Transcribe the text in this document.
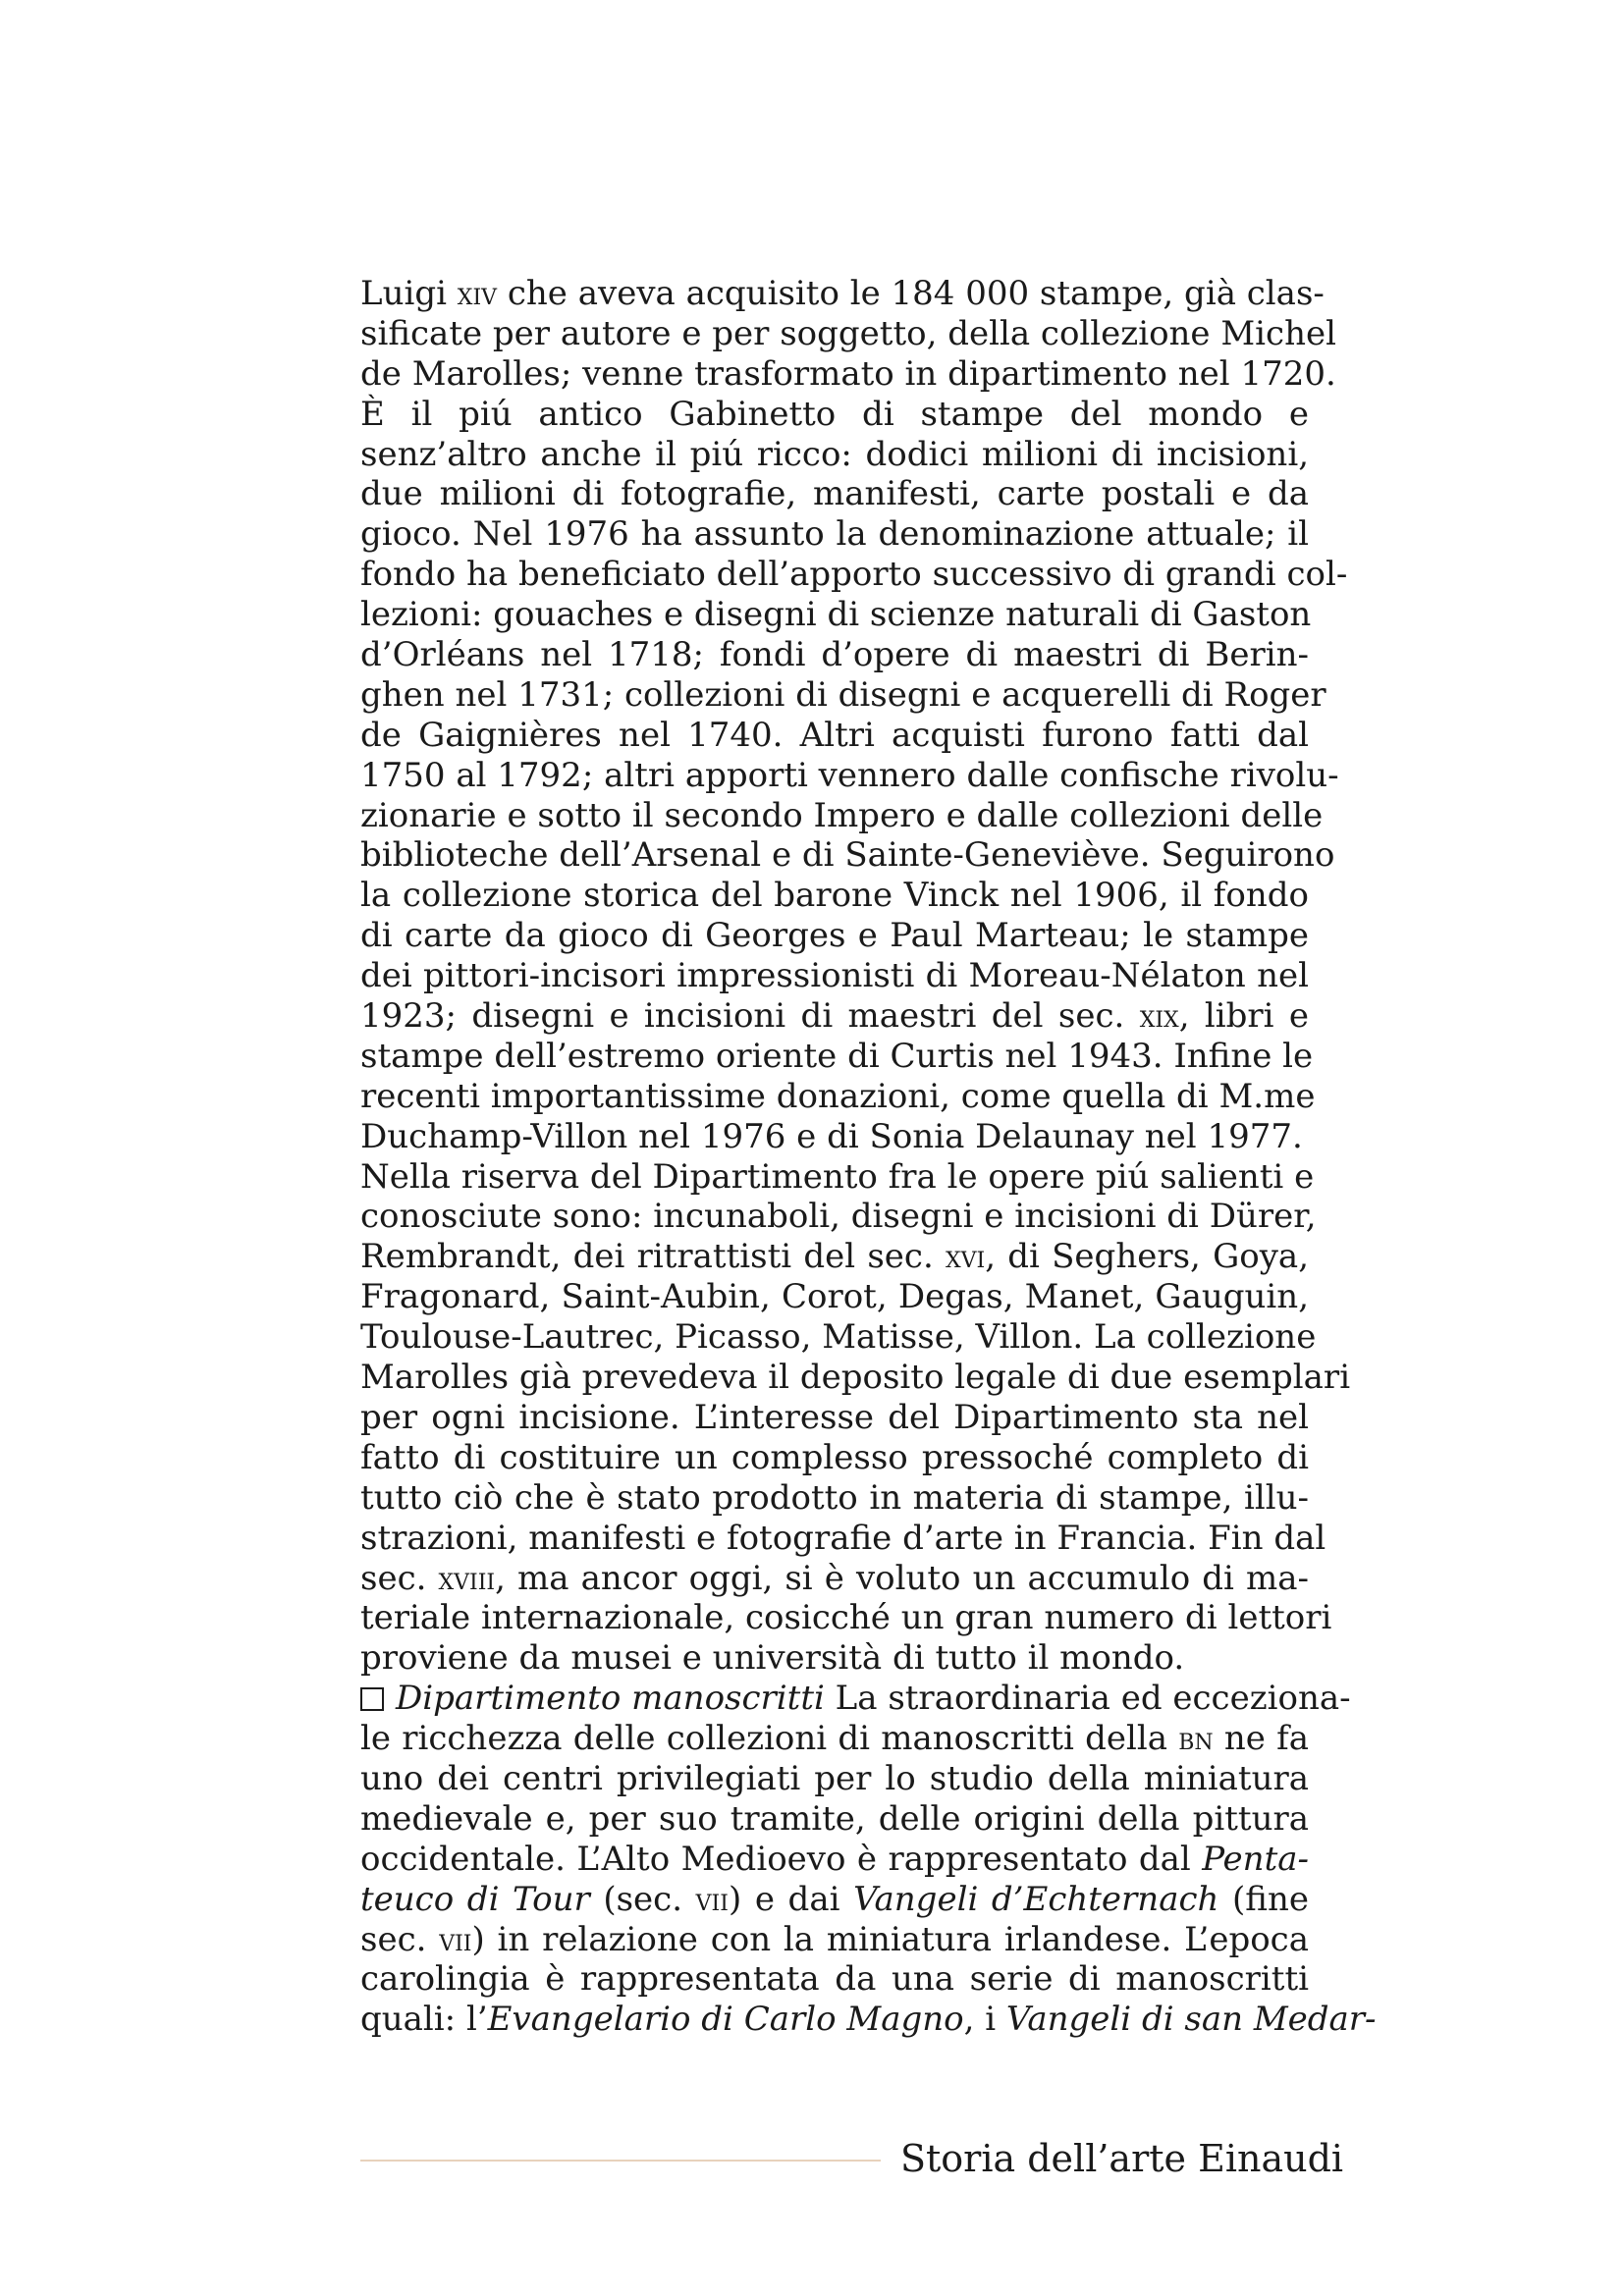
Luigi xiv che aveva acquisito le 184 000 stampe, già clas-
sificate per autore e per soggetto, della collezione Michel
de Marolles; venne trasformato in dipartimento nel 1720.
È il piú antico Gabinetto di stampe del mondo e
senz’altro anche il piú ricco: dodici milioni di incisioni,
due milioni di fotografie, manifesti, carte postali e da
gioco. Nel 1976 ha assunto la denominazione attuale; il
fondo ha beneficiato dell’apporto successivo di grandi col-
lezioni: gouaches e disegni di scienze naturali di Gaston
d’Orléans nel 1718; fondi d’opere di maestri di Berin-
ghen nel 1731; collezioni di disegni e acquerelli di Roger
de Gaignières nel 1740. Altri acquisti furono fatti dal
1750 al 1792; altri apporti vennero dalle confische rivolu-
zionarie e sotto il secondo Impero e dalle collezioni delle
biblioteche dell’Arsenal e di Sainte-Geneviève. Seguirono
la collezione storica del barone Vinck nel 1906, il fondo
di carte da gioco di Georges e Paul Marteau; le stampe
dei pittori-incisori impressionisti di Moreau-Nélaton nel
1923; disegni e incisioni di maestri del sec. xix, libri e
stampe dell’estremo oriente di Curtis nel 1943. Infine le
recenti importantissime donazioni, come quella di M.me
Duchamp-Villon nel 1976 e di Sonia Delaunay nel 1977.
Nella riserva del Dipartimento fra le opere piú salienti e
conosciute sono: incunaboli, disegni e incisioni di Dürer,
Rembrandt, dei ritrattisti del sec. xvi, di Seghers, Goya,
Fragonard, Saint-Aubin, Corot, Degas, Manet, Gauguin,
Toulouse-Lautrec, Picasso, Matisse, Villon. La collezione
Marolles già prevedeva il deposito legale di due esemplari
per ogni incisione. L’interesse del Dipartimento sta nel
fatto di costituire un complesso pressoché completo di
tutto ciò che è stato prodotto in materia di stampe, illu-
strazioni, manifesti e fotografie d’arte in Francia. Fin dal
sec. xviii, ma ancor oggi, si è voluto un accumulo di ma-
teriale internazionale, cosicché un gran numero di lettori
proviene da musei e università di tutto il mondo.
Dipartimento manoscritti La straordinaria ed eccezionа-
le ricchezza delle collezioni di manoscritti della bn ne fa
uno dei centri privilegiati per lo studio della miniatura
medievale e, per suo tramite, delle origini della pittura
occidentale. L’Alto Medioevo è rappresentato dal Penta-
teuco di Tour (sec. vii) e dai Vangeli d’Echternach (fine
sec. vii) in relazione con la miniatura irlandese. L’epoca
carolingia è rappresentata da una serie di manoscritti
quali: l’Evangelario di Carlo Magno, i Vangeli di san Medar-
Storia dell’arte Einaudi
